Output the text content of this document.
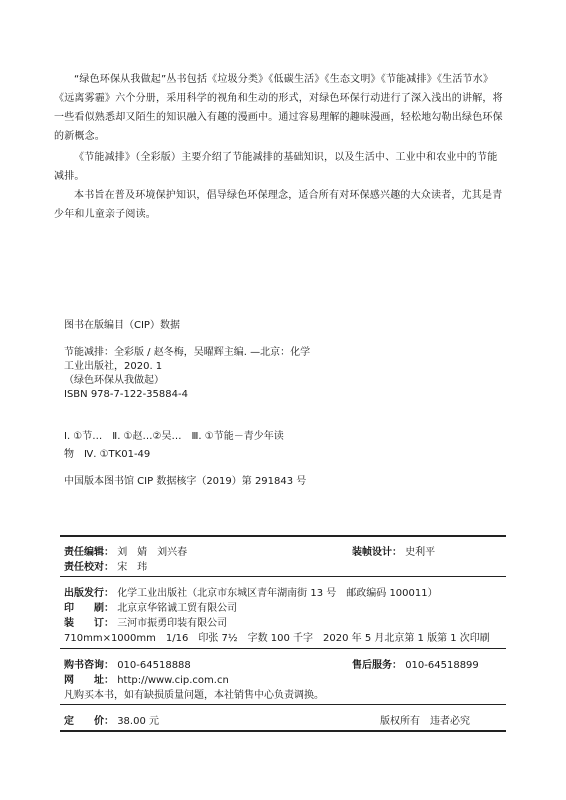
“绿色环保从我做起”丛书包括《垃圾分类》《低碳生活》《生态文明》《节能减排》《生活节水》《远离雾霾》六个分册，采用科学的视角和生动的形式，对绿色环保行动进行了深入浅出的讲解，将一些看似熟悉却又陌生的知识融入有趣的漫画中。通过容易理解的趣味漫画，轻松地勾勒出绿色环保的新概念。

《节能减排》（全彩版）主要介绍了节能减排的基础知识，以及生活中、工业中和农业中的节能减排。

本书旨在普及环境保护知识，倡导绿色环保理念，适合所有对环保感兴趣的大众读者，尤其是青少年和儿童亲子阅读。

图书在版编目（CIP）数据
节能减排：全彩版 / 赵冬梅，吴曜辉主编. —北京：化学
工业出版社，2020. 1
（绿色环保从我做起）
ISBN 978-7-122-35884-4
Ⅰ. ①节…　Ⅱ. ①赵…②吴…　Ⅲ. ①节能－青少年读
物　Ⅳ. ①TK01-49
中国版本图书馆 CIP 数据核字（2019）第 291843 号
责任编辑： 刘　婧　刘兴春	装帧设计： 史利平
责任校对： 宋　玮
出版发行： 化学工业出版社（北京市东城区青年湖南街 13 号　邮政编码 100011）
印　　刷： 北京京华铭诚工贸有限公司
装　　订： 三河市振勇印装有限公司
710mm×1000mm　1/16　印张 7½　字数 100 千字　2020 年 5 月北京第 1 版第 1 次印刷
购书咨询： 010-64518888	售后服务： 010-64518899
网　　址： http://www.cip.com.cn
凡购买本书，如有缺损质量问题，本社销售中心负责调换。
定　　价： 38.00 元	版权所有　违者必究
